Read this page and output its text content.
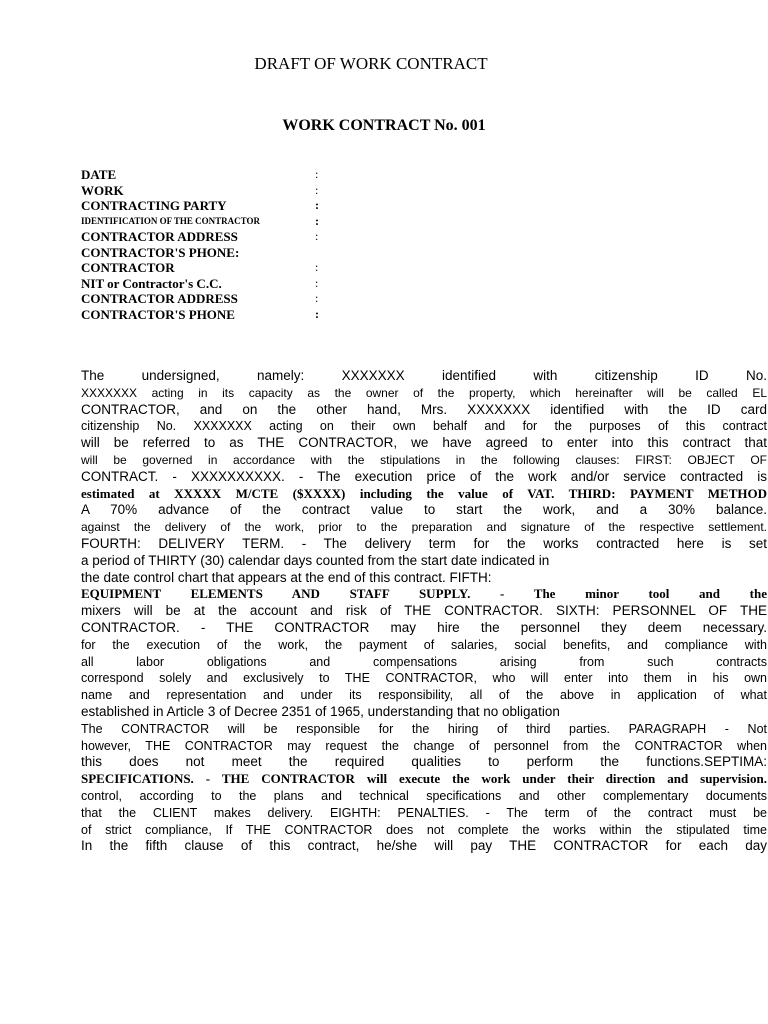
DRAFT OF WORK CONTRACT
WORK CONTRACT No. 001
DATE	:
WORK	:
CONTRACTING PARTY	:
IDENTIFICATION OF THE CONTRACTOR	:
CONTRACTOR ADDRESS	:
CONTRACTOR'S PHONE:
CONTRACTOR	:
NIT or Contractor's C.C.	:
CONTRACTOR ADDRESS	:
CONTRACTOR'S PHONE	:
The undersigned, namely: XXXXXXX identified with citizenship ID No.
XXXXXXX acting in its capacity as the owner of the property, which hereinafter will be called EL
CONTRACTOR, and on the other hand, Mrs. XXXXXXX identified with the ID card
citizenship No. XXXXXXX acting on their own behalf and for the purposes of this contract
will be referred to as THE CONTRACTOR, we have agreed to enter into this contract that
will be governed in accordance with the stipulations in the following clauses: FIRST: OBJECT OF
CONTRACT. - XXXXXXXXXX. - The execution price of the work and/or service contracted is
estimated at XXXXX M/CTE ($XXXX) including the value of VAT. THIRD: PAYMENT METHOD
A 70% advance of the contract value to start the work, and a 30% balance.
against the delivery of the work, prior to the preparation and signature of the respective settlement.
FOURTH: DELIVERY TERM. - The delivery term for the works contracted here is set
a period of THIRTY (30) calendar days counted from the start date indicated in
the date control chart that appears at the end of this contract. FIFTH:
EQUIPMENT ELEMENTS AND STAFF SUPPLY. - The minor tool and the
mixers will be at the account and risk of THE CONTRACTOR. SIXTH: PERSONNEL OF THE
CONTRACTOR. - THE CONTRACTOR may hire the personnel they deem necessary.
for the execution of the work, the payment of salaries, social benefits, and compliance with
all labor obligations and compensations arising from such contracts
correspond solely and exclusively to THE CONTRACTOR, who will enter into them in his own
name and representation and under its responsibility, all of the above in application of what
established in Article 3 of Decree 2351 of 1965, understanding that no obligation
The CONTRACTOR will be responsible for the hiring of third parties. PARAGRAPH - Not
however, THE CONTRACTOR may request the change of personnel from the CONTRACTOR when
this does not meet the required qualities to perform the functions.SEPTIMA:
SPECIFICATIONS. - THE CONTRACTOR will execute the work under their direction and supervision.
control, according to the plans and technical specifications and other complementary documents
that the CLIENT makes delivery. EIGHTH: PENALTIES. - The term of the contract must be
of strict compliance, If THE CONTRACTOR does not complete the works within the stipulated time
In the fifth clause of this contract, he/she will pay THE CONTRACTOR for each day
